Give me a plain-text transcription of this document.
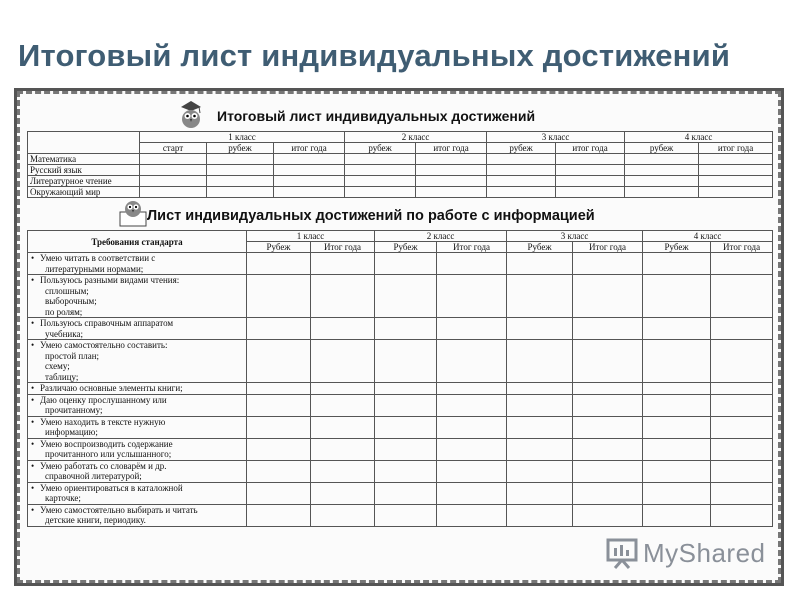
Итоговый лист индивидуальных достижений
Итоговый лист индивидуальных достижений
	1 класс			2 класс		3 класс		4 класс	
	старт	рубеж	итог года	рубеж	итог года	рубеж	итог года	рубеж	итог года
Математика									
Русский язык									
Литературное чтение									
Окружающий мир									
Лист индивидуальных достижений по работе с информацией
Требования стандарта	1 класс		2 класс		3 класс		4 класс	
	Рубеж	Итог года	Рубеж	Итог года	Рубеж	Итог года	Рубеж	Итог года

• Умею читать в соответствии с
литературными нормами;

• Пользуюсь разными видами чтения:
сплошным;
выборочным;
по ролям;

• Пользуюсь справочным аппаратом
учебника;

• Умею самостоятельно составить:
простой план;
схему;
таблицу;

• Различаю основные элементы книги;

• Даю оценку прослушанному или
прочитанному;

• Умею находить в тексте нужную
информацию;

• Умею воспроизводить содержание
прочитанного или услышанного;

• Умею работать со словарём и др.
справочной литературой;

• Умею ориентироваться в каталожной
карточке;

• Умею самостоятельно выбирать и читать
детские книги, периодику.

MyShared
